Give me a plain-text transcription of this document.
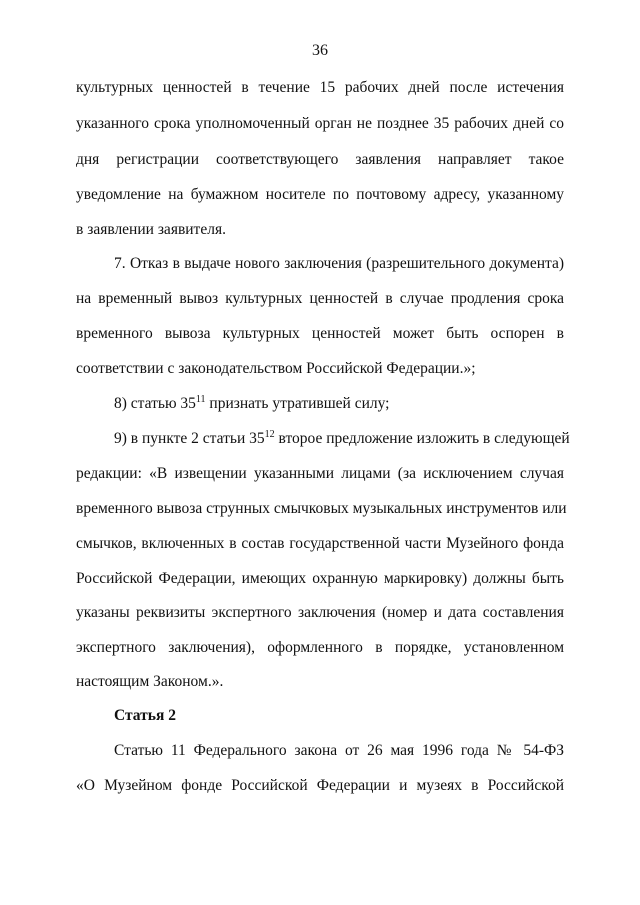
36
культурных ценностей в течение 15 рабочих дней после истечения
указанного срока уполномоченный орган не позднее 35 рабочих дней со
дня регистрации соответствующего заявления направляет такое
уведомление на бумажном носителе по почтовому адресу, указанному
в заявлении заявителя.
7. Отказ в выдаче нового заключения (разрешительного документа)
на временный вывоз культурных ценностей в случае продления срока
временного вывоза культурных ценностей может быть оспорен в
соответствии с законодательством Российской Федерации.»;
8) статью $35^{11}$ признать утратившей силу;
9) в пункте 2 статьи $35^{12}$ второе предложение изложить в следующей
редакции: «В извещении указанными лицами (за исключением случая
временного вывоза струнных смычковых музыкальных инструментов или
смычков, включенных в состав государственной части Музейного фонда
Российской Федерации, имеющих охранную маркировку) должны быть
указаны реквизиты экспертного заключения (номер и дата составления
экспертного заключения), оформленного в порядке, установленном
настоящим Законом.».
Статья 2
Статью 11 Федерального закона от 26 мая 1996 года № 54-ФЗ
«О Музейном фонде Российской Федерации и музеях в Российской
